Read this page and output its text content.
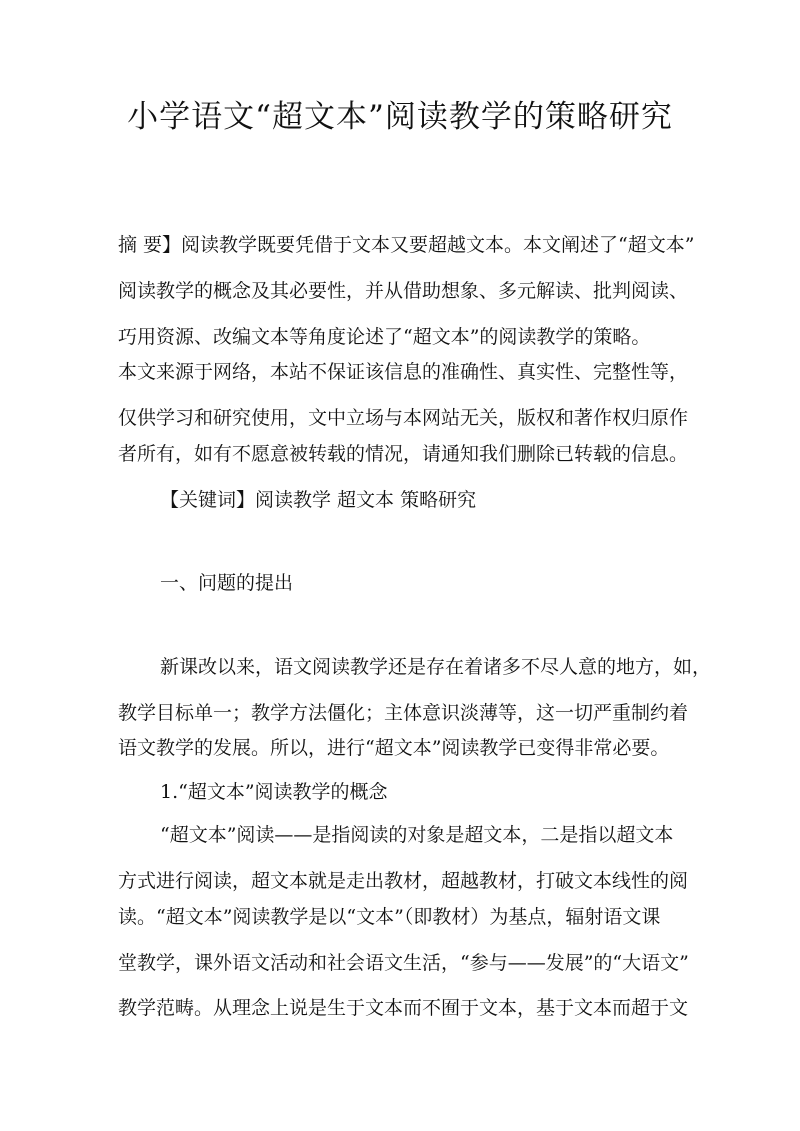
小学语文“超文本”阅读教学的策略研究
摘 要】阅读教学既要凭借于文本又要超越文本。本文阐述了“超文本”
阅读教学的概念及其必要性，并从借助想象、多元解读、批判阅读、
巧用资源、改编文本等角度论述了“超文本”的阅读教学的策略。
本文来源于网络，本站不保证该信息的准确性、真实性、完整性等，
仅供学习和研究使用，文中立场与本网站无关，版权和著作权归原作
者所有，如有不愿意被转载的情况，请通知我们删除已转载的信息。
【关键词】阅读教学 超文本 策略研究
一、问题的提出
新课改以来，语文阅读教学还是存在着诸多不尽人意的地方，如，
教学目标单一；教学方法僵化；主体意识淡薄等，这一切严重制约着
语文教学的发展。所以，进行“超文本”阅读教学已变得非常必要。
1.“超文本”阅读教学的概念
“超文本”阅读——是指阅读的对象是超文本，二是指以超文本
方式进行阅读，超文本就是走出教材，超越教材，打破文本线性的阅
读。“超文本”阅读教学是以“文本”（即教材）为基点，辐射语文课
堂教学，课外语文活动和社会语文生活，“参与——发展”的“大语文”
教学范畴。从理念上说是生于文本而不囿于文本，基于文本而超于文
